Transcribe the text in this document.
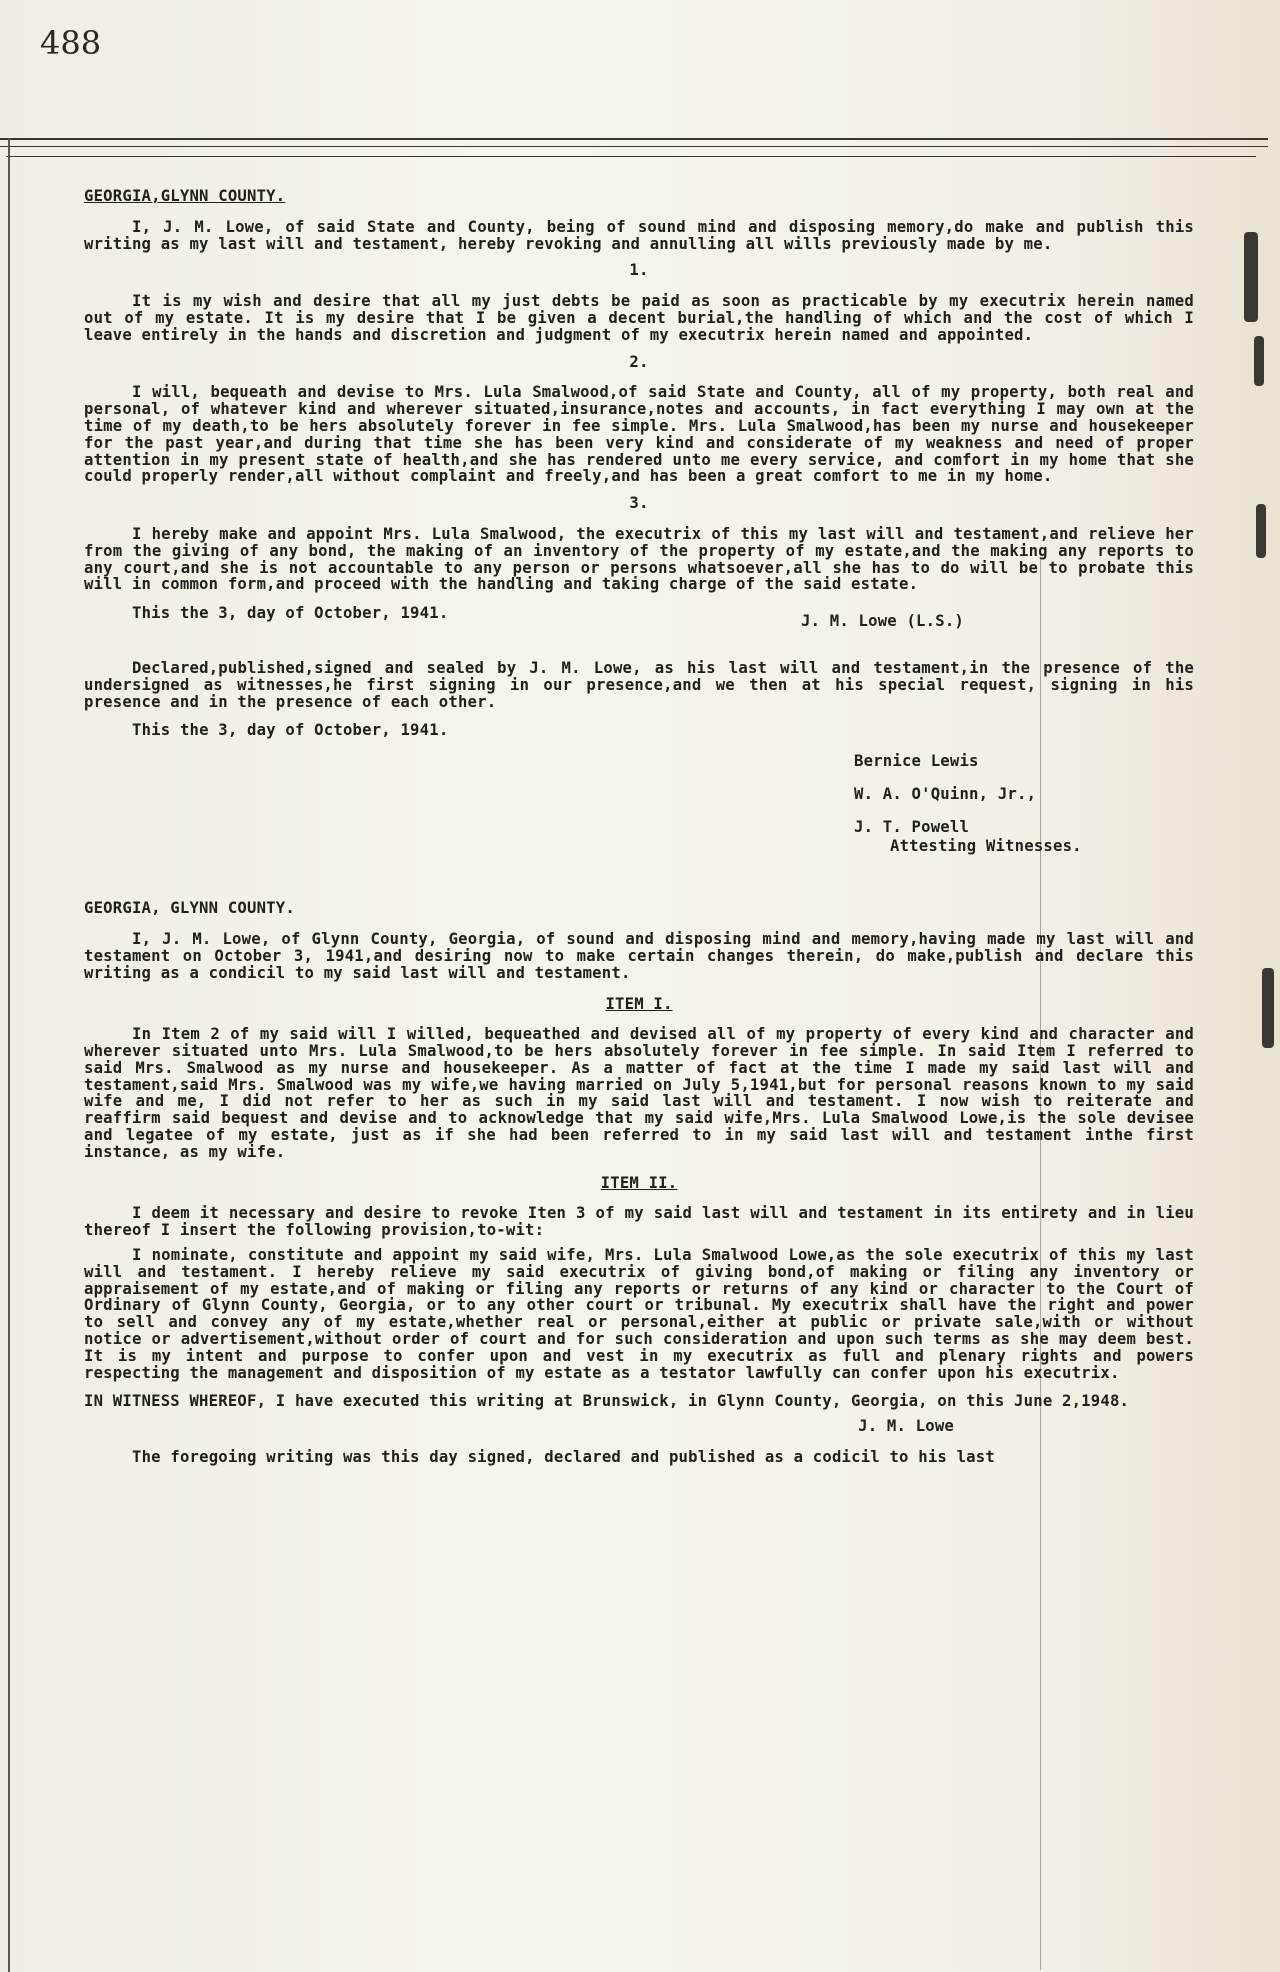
488
GEORGIA,GLYNN COUNTY.

I, J. M. Lowe, of said State and County, being of sound mind and disposing memory,do make and publish this writing as my last will and testament, hereby revoking and annulling all wills previously made by me.

1.

It is my wish and desire that all my just debts be paid as soon as practicable by my executrix herein named out of my estate. It is my desire that I be given a decent burial,the handling of which and the cost of which I leave entirely in the hands and discretion and judgment of my executrix herein named and appointed.

2.

I will, bequeath and devise to Mrs. Lula Smalwood,of said State and County, all of my property, both real and personal, of whatever kind and wherever situated,insurance,notes and accounts, in fact everything I may own at the time of my death,to be hers absolutely forever in fee simple. Mrs. Lula Smalwood,has been my nurse and housekeeper for the past year,and during that time she has been very kind and considerate of my weakness and need of proper attention in my present state of health,and she has rendered unto me every service, and comfort in my home that she could properly render,all without complaint and freely,and has been a great comfort to me in my home.

3.

I hereby make and appoint Mrs. Lula Smalwood, the executrix of this my last will and testament,and relieve her from the giving of any bond, the making of an inventory of the property of my estate,and the making any reports to any court,and she is not accountable to any person or persons whatsoever,all she has to do will be to probate this will in common form,and proceed with the handling and taking charge of the said estate.

This the 3, day of October, 1941.	J. M. Lowe (L.S.)

Declared,published,signed and sealed by J. M. Lowe, as his last will and testament,in the presence of the undersigned as witnesses,he first signing in our presence,and we then at his special request, signing in his presence and in the presence of each other.

This the 3, day of October, 1941.
Bernice Lewis
W. A. O'Quinn, Jr.,
J. T. Powell
Attesting Witnesses.
GEORGIA, GLYNN COUNTY.

I, J. M. Lowe, of Glynn County, Georgia, of sound and disposing mind and memory,having made my last will and testament on October 3, 1941,and desiring now to make certain changes therein, do make,publish and declare this writing as a condicil to my said last will and testament.

ITEM I.

In Item 2 of my said will I willed, bequeathed and devised all of my property of every kind and character and wherever situated unto Mrs. Lula Smalwood,to be hers absolutely forever in fee simple. In said Item I referred to said Mrs. Smalwood as my nurse and housekeeper. As a matter of fact at the time I made my said last will and testament,said Mrs. Smalwood was my wife,we having married on July 5,1941,but for personal reasons known to my said wife and me, I did not refer to her as such in my said last will and testament. I now wish to reiterate and reaffirm said bequest and devise and to acknowledge that my said wife,Mrs. Lula Smalwood Lowe,is the sole devisee and legatee of my estate, just as if she had been referred to in my said last will and testament inthe first instance, as my wife.

ITEM II.

I deem it necessary and desire to revoke Iten 3 of my said last will and testament in its entirety and in lieu thereof I insert the following provision,to-wit:

I nominate, constitute and appoint my said wife, Mrs. Lula Smalwood Lowe,as the sole executrix of this my last will and testament. I hereby relieve my said executrix of giving bond,of making or filing any inventory or appraisement of my estate,and of making or filing any reports or returns of any kind or character to the Court of Ordinary of Glynn County, Georgia, or to any other court or tribunal. My executrix shall have the right and power to sell and convey any of my estate,whether real or personal,either at public or private sale,with or without notice or advertisement,without order of court and for such consideration and upon such terms as she may deem best. It is my intent and purpose to confer upon and vest in my executrix as full and plenary rights and powers respecting the management and disposition of my estate as a testator lawfully can confer upon his executrix.

IN WITNESS WHEREOF, I have executed this writing at Brunswick, in Glynn County, Georgia, on this June 2,1948.

J. M. Lowe

The foregoing writing was this day signed, declared and published as a codicil to his last
